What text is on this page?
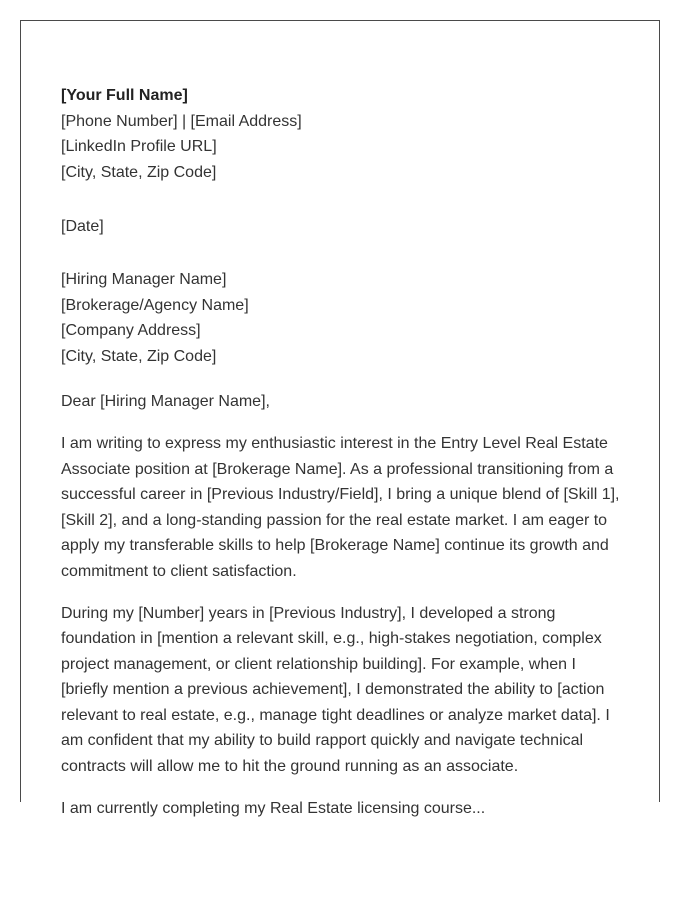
[Your Full Name]
[Phone Number] | [Email Address]
[LinkedIn Profile URL]
[City, State, Zip Code]
[Date]
[Hiring Manager Name]
[Brokerage/Agency Name]
[Company Address]
[City, State, Zip Code]
Dear [Hiring Manager Name],
I am writing to express my enthusiastic interest in the Entry Level Real Estate
Associate position at [Brokerage Name]. As a professional transitioning from a
successful career in [Previous Industry/Field], I bring a unique blend of [Skill 1],
[Skill 2], and a long-standing passion for the real estate market. I am eager to
apply my transferable skills to help [Brokerage Name] continue its growth and
commitment to client satisfaction.
During my [Number] years in [Previous Industry], I developed a strong
foundation in [mention a relevant skill, e.g., high-stakes negotiation, complex
project management, or client relationship building]. For example, when I
[briefly mention a previous achievement], I demonstrated the ability to [action
relevant to real estate, e.g., manage tight deadlines or analyze market data]. I
am confident that my ability to build rapport quickly and navigate technical
contracts will allow me to hit the ground running as an associate.
I am currently completing my Real Estate licensing course...
